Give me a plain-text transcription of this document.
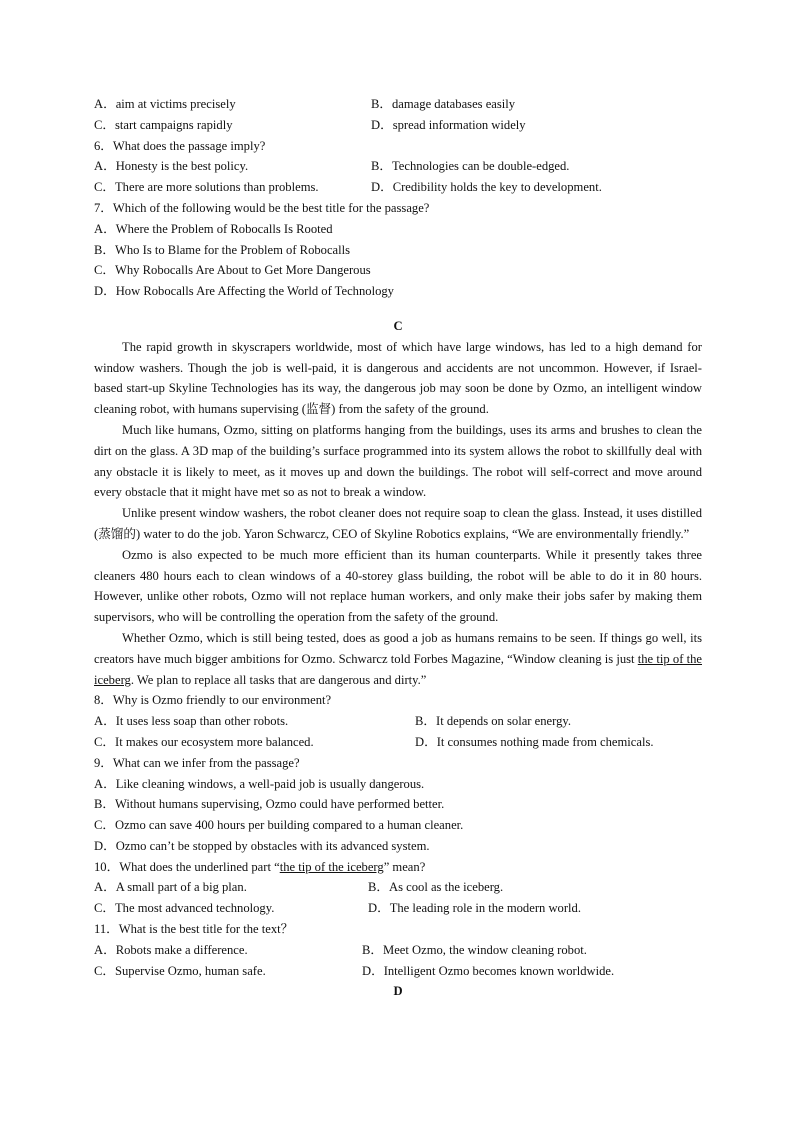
A．aim at victims precisely	B．damage databases easily
C．start campaigns rapidly	D．spread information widely
6．What does the passage imply?
A．Honesty is the best policy.	B．Technologies can be double-edged.
C．There are more solutions than problems.	D．Credibility holds the key to development.
7．Which of the following would be the best title for the passage?
A．Where the Problem of Robocalls Is Rooted
B．Who Is to Blame for the Problem of Robocalls
C．Why Robocalls Are About to Get More Dangerous
D．How Robocalls Are Affecting the World of Technology
C

The rapid growth in skyscrapers worldwide, most of which have large windows, has led to a high demand for window washers. Though the job is well-paid, it is dangerous and accidents are not uncommon. However, if Israel-based start-up Skyline Technologies has its way, the dangerous job may soon be done by Ozmo, an intelligent window cleaning robot, with humans supervising (监督) from the safety of the ground.

Much like humans, Ozmo, sitting on platforms hanging from the buildings, uses its arms and brushes to clean the dirt on the glass. A 3D map of the building’s surface programmed into its system allows the robot to skillfully deal with any obstacle it is likely to meet, as it moves up and down the buildings. The robot will self-correct and move around every obstacle that it might have met so as not to break a window.

Unlike present window washers, the robot cleaner does not require soap to clean the glass. Instead, it uses distilled (蒸馏的) water to do the job. Yaron Schwarcz, CEO of Skyline Robotics explains, “We are environmentally friendly.”

Ozmo is also expected to be much more efficient than its human counterparts. While it presently takes three cleaners 480 hours each to clean windows of a 40-storey glass building, the robot will be able to do it in 80 hours. However, unlike other robots, Ozmo will not replace human workers, and only make their jobs safer by making them supervisors, who will be controlling the operation from the safety of the ground.

Whether Ozmo, which is still being tested, does as good a job as humans remains to be seen. If things go well, its creators have much bigger ambitions for Ozmo. Schwarcz told Forbes Magazine, “Window cleaning is just the tip of the iceberg. We plan to replace all tasks that are dangerous and dirty.”

8．Why is Ozmo friendly to our environment?
A．It uses less soap than other robots.	B．It depends on solar energy.
C．It makes our ecosystem more balanced.	D．It consumes nothing made from chemicals.
9．What can we infer from the passage?
A．Like cleaning windows, a well-paid job is usually dangerous.
B．Without humans supervising, Ozmo could have performed better.
C．Ozmo can save 400 hours per building compared to a human cleaner.
D．Ozmo can’t be stopped by obstacles with its advanced system.
10．What does the underlined part “the tip of the iceberg” mean?
A．A small part of a big plan.	B．As cool as the iceberg.
C．The most advanced technology.	D．The leading role in the modern world.
11．What is the best title for the text？
A．Robots make a difference.	B．Meet Ozmo, the window cleaning robot.
C．Supervise Ozmo, human safe.	D．Intelligent Ozmo becomes known worldwide.
D
